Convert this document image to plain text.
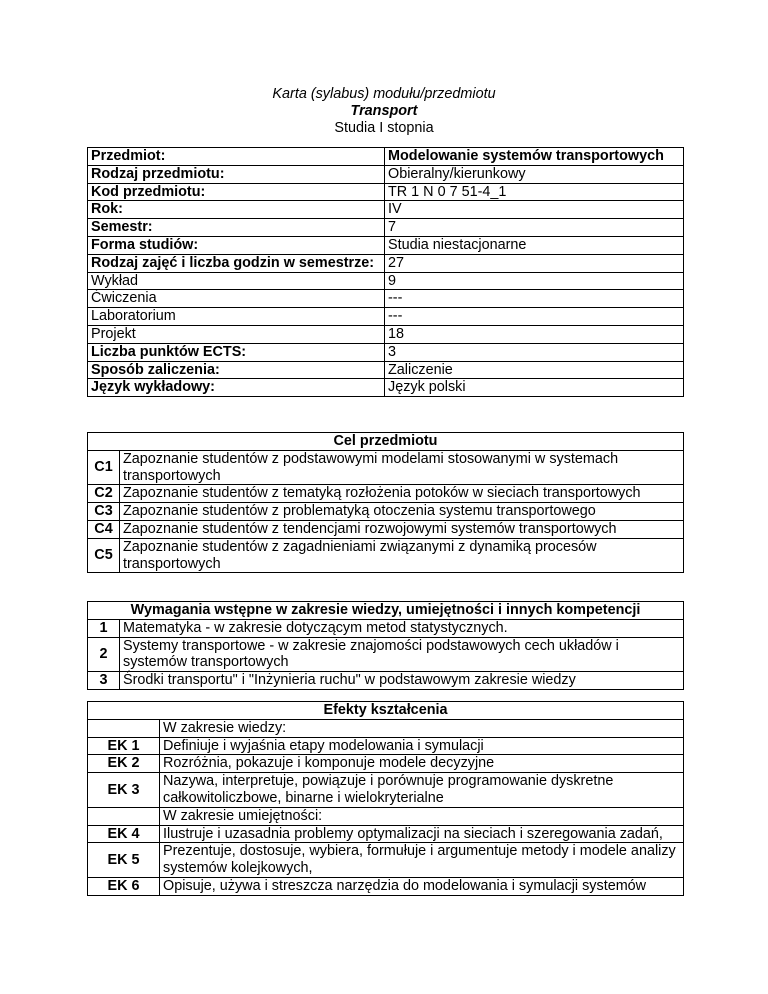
Karta (sylabus) modułu/przedmiotu
Transport
Studia I stopnia
Przedmiot:	Modelowanie systemów transportowych
Rodzaj przedmiotu:	Obieralny/kierunkowy
Kod przedmiotu:	TR 1 N 0 7 51-4_1
Rok:	IV
Semestr:	7
Forma studiów:	Studia niestacjonarne
Rodzaj zajęć i liczba godzin w semestrze:	27
Wykład	9
Ćwiczenia	---
Laboratorium	---
Projekt	18
Liczba punktów ECTS:	3
Sposób zaliczenia:	Zaliczenie
Język wykładowy:	Język polski
Cel przedmiotu	
C1	Zapoznanie studentów z podstawowymi modelami stosowanymi w systemach transportowych
C2	Zapoznanie studentów z tematyką rozłożenia potoków w sieciach transportowych
C3	Zapoznanie studentów z problematyką otoczenia systemu transportowego
C4	Zapoznanie studentów z tendencjami rozwojowymi systemów transportowych
C5	Zapoznanie studentów z zagadnieniami związanymi z dynamiką procesów transportowych
Wymagania wstępne w zakresie wiedzy, umiejętności i innych kompetencji	
1	Matematyka - w zakresie dotyczącym metod statystycznych.
2	Systemy transportowe - w zakresie znajomości podstawowych cech układów i systemów transportowych
3	Środki transportu" i "Inżynieria ruchu" w podstawowym zakresie wiedzy
Efekty kształcenia	
	W zakresie wiedzy:
EK 1	Definiuje i wyjaśnia etapy modelowania i symulacji
EK 2	Rozróżnia, pokazuje i komponuje modele decyzyjne
EK 3	Nazywa, interpretuje, powiązuje i porównuje programowanie dyskretne całkowitoliczbowe, binarne i wielokryterialne
	W zakresie umiejętności:
EK 4	Ilustruje i uzasadnia problemy optymalizacji na sieciach i szeregowania zadań,
EK 5	Prezentuje, dostosuje, wybiera, formułuje i argumentuje metody i modele analizy systemów kolejkowych,
EK 6	Opisuje, używa i streszcza narzędzia do modelowania i symulacji systemów
